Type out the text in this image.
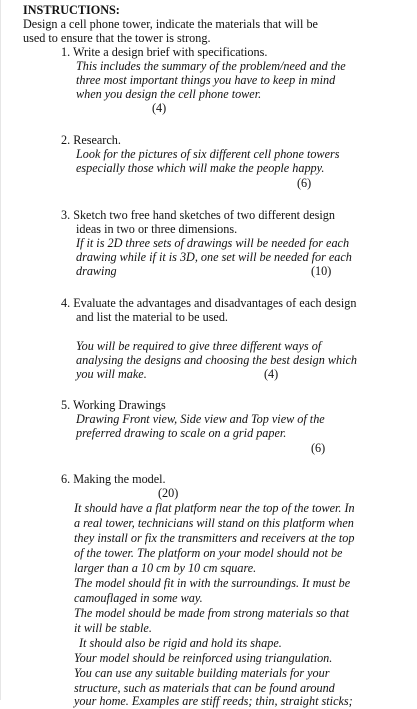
INSTRUCTIONS:
Design a cell phone tower, indicate the materials that will be
used to ensure that the tower is strong.
1. Write a design brief with specifications.
This includes the summary of the problem/need and the
three most important things you have to keep in mind
when you design the cell phone tower.
(4)
2. Research.
Look for the pictures of six different cell phone towers
especially those which will make the people happy.
(6)
3. Sketch two free hand sketches of two different design
ideas in two or three dimensions.
If it is 2D three sets of drawings will be needed for each
drawing while if it is 3D, one set will be needed for each
drawing	(10)
4. Evaluate the advantages and disadvantages of each design
and list the material to be used.
You will be required to give three different ways of
analysing the designs and choosing the best design which
you will make.	(4)
5. Working Drawings
Drawing Front view, Side view and Top view of the
preferred drawing to scale on a grid paper.
(6)
6. Making the model.
(20)
It should have a flat platform near the top of the tower. In
a real tower, technicians will stand on this platform when
they install or fix the transmitters and receivers at the top
of the tower. The platform on your model should not be
larger than a 10 cm by 10 cm square.
The model should fit in with the surroundings. It must be
camouflaged in some way.
The model should be made from strong materials so that
it will be stable.
It should also be rigid and hold its shape.
Your model should be reinforced using triangulation.
You can use any suitable building materials for your
structure, such as materials that can be found around
your home. Examples are stiff reeds; thin, straight sticks;
